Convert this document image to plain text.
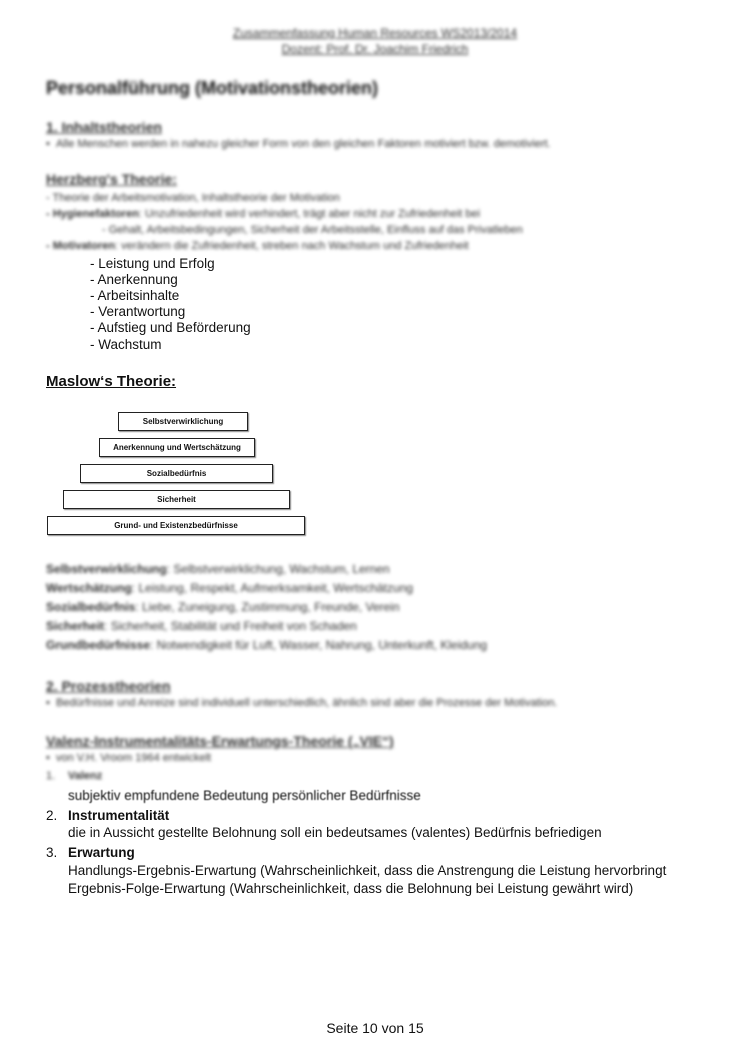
Zusammenfassung Human Resources WS2013/2014
Dozent: Prof. Dr. Joachim Friedrich
Personalführung (Motivationstheorien)
1. Inhaltstheorien
•  Alle Menschen werden in nahezu gleicher Form von den gleichen Faktoren motiviert bzw. demotiviert.
Herzberg's Theorie:
- Theorie der Arbeitsmotivation, Inhaltstheorie der Motivation
- Hygienefaktoren: Unzufriedenheit wird verhindert, trägt aber nicht zur Zufriedenheit bei
- Gehalt, Arbeitsbedingungen, Sicherheit der Arbeitsstelle, Einfluss auf das Privatleben
- Motivatoren: verändern die Zufriedenheit, streben nach Wachstum und Zufriedenheit
- Leistung und Erfolg
- Anerkennung
- Arbeitsinhalte
- Verantwortung
- Aufstieg und Beförderung
- Wachstum
Maslow‘s Theorie:
Selbstverwirklichung
Anerkennung und Wertschätzung
Sozialbedürfnis
Sicherheit
Grund- und Existenzbedürfnisse
Selbstverwirklichung: Selbstverwirklichung, Wachstum, Lernen
Wertschätzung: Leistung, Respekt, Aufmerksamkeit, Wertschätzung
Sozialbedürfnis: Liebe, Zuneigung, Zustimmung, Freunde, Verein
Sicherheit: Sicherheit, Stabilität und Freiheit von Schaden
Grundbedürfnisse: Notwendigkeit für Luft, Wasser, Nahrung, Unterkunft, Kleidung
2. Prozesstheorien
•  Bedürfnisse und Anreize sind individuell unterschiedlich, ähnlich sind aber die Prozesse der Motivation.
Valenz-Instrumentalitäts-Erwartungs-Theorie („VIE“)
•  von V.H. Vroom 1964 entwickelt
1. Valenz
subjektiv empfundene Bedeutung persönlicher Bedürfnisse
2. Instrumentalität
die in Aussicht gestellte Belohnung soll ein bedeutsames (valentes) Bedürfnis befriedigen
3. Erwartung
Handlungs-Ergebnis-Erwartung (Wahrscheinlichkeit, dass die Anstrengung die Leistung hervorbringt
Ergebnis-Folge-Erwartung (Wahrscheinlichkeit, dass die Belohnung bei Leistung gewährt wird)
Seite 10 von 15
